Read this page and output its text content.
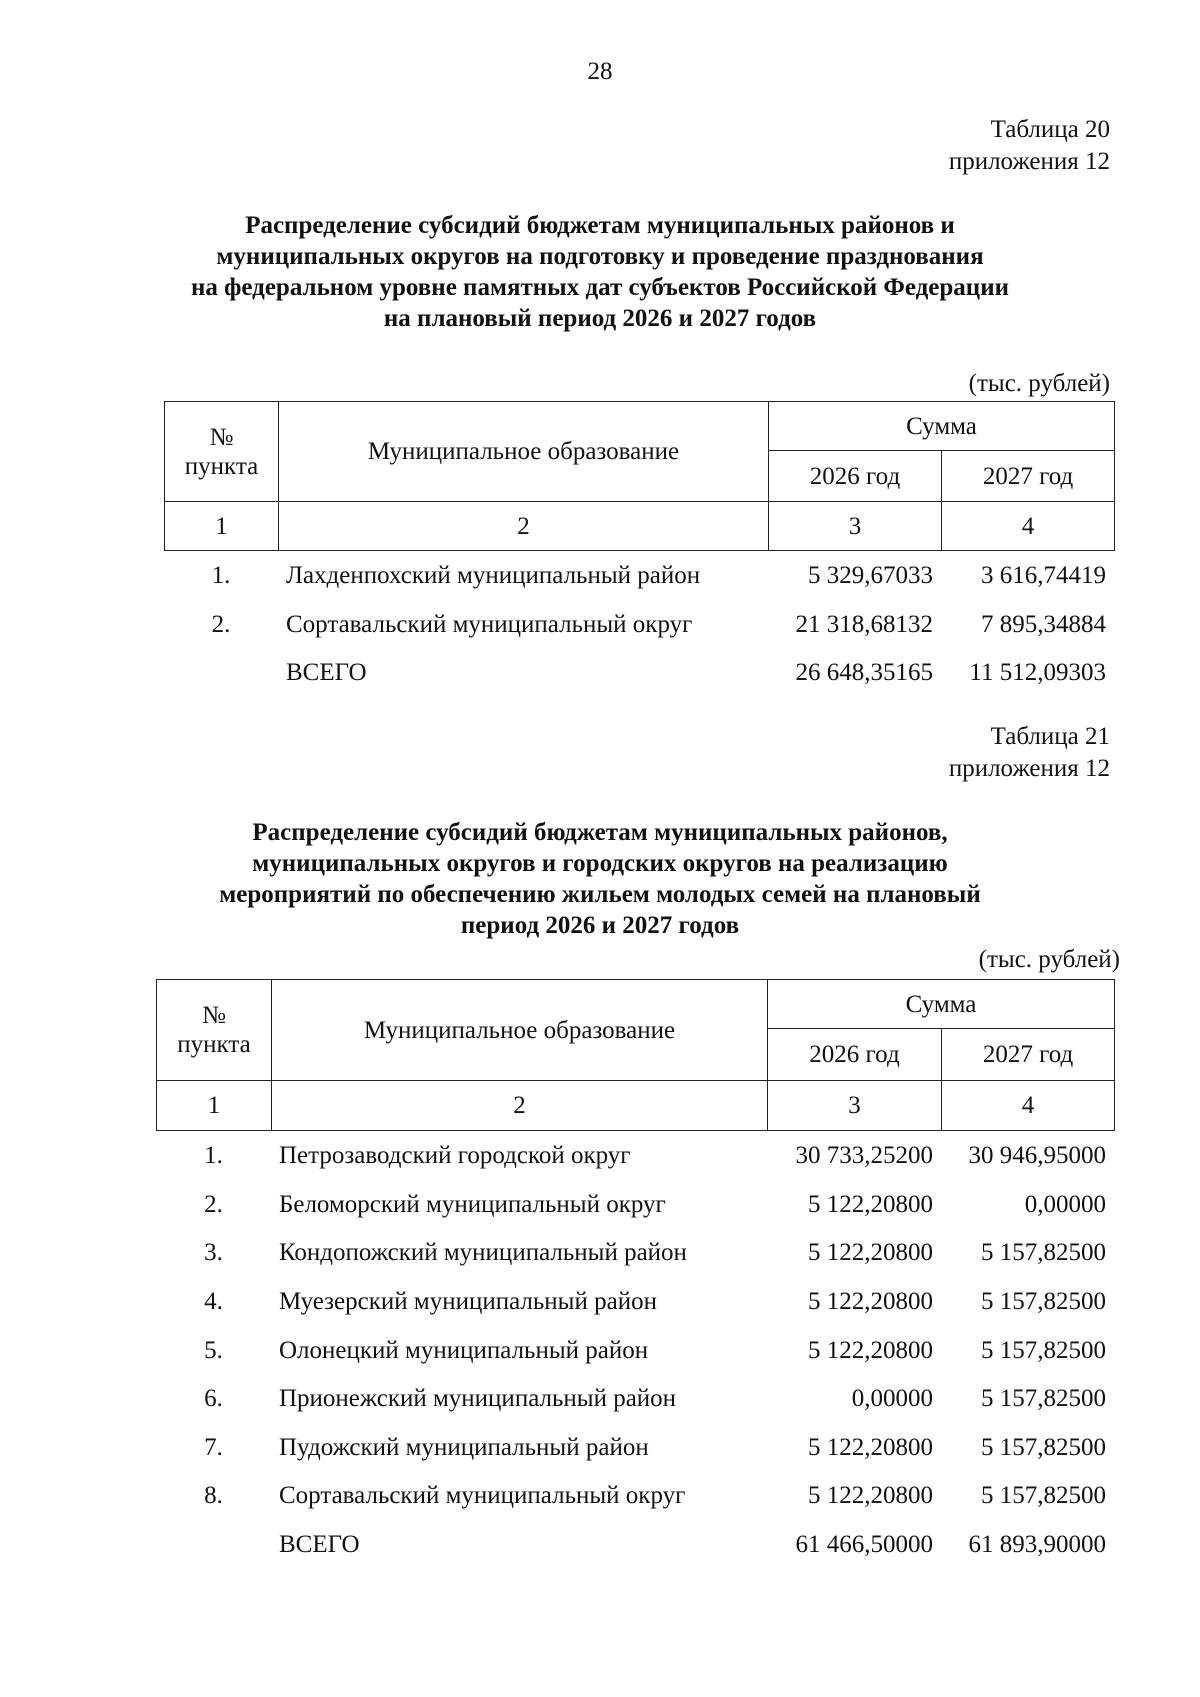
28
Таблица 20
приложения 12
Распределение субсидий бюджетам муниципальных районов и
муниципальных округов на подготовку и проведение празднования
на федеральном уровне памятных дат субъектов Российской Федерации
на плановый период 2026 и 2027 годов
(тыс. рублей)
№ пункта	Муниципальное образование	Сумма	
		2026 год	2027 год
1	2	3	4
1.	Лахденпохский муниципальный район	5 329,67033	3 616,74419
2.	Сортавальский муниципальный округ	21 318,68132	7 895,34884
	ВСЕГО	26 648,35165	11 512,09303
Таблица 21
приложения 12
Распределение субсидий бюджетам муниципальных районов,
муниципальных округов и городских округов на реализацию
мероприятий по обеспечению жильем молодых семей на плановый
период 2026 и 2027 годов
(тыс. рублей)
№ пункта	Муниципальное образование	Сумма	
		2026 год	2027 год
1	2	3	4
1.	Петрозаводский городской округ	30 733,25200	30 946,95000
2.	Беломорский муниципальный округ	5 122,20800	0,00000
3.	Кондопожский муниципальный район	5 122,20800	5 157,82500
4.	Муезерский муниципальный район	5 122,20800	5 157,82500
5.	Олонецкий муниципальный район	5 122,20800	5 157,82500
6.	Прионежский муниципальный район	0,00000	5 157,82500
7.	Пудожский муниципальный район	5 122,20800	5 157,82500
8.	Сортавальский муниципальный округ	5 122,20800	5 157,82500
	ВСЕГО	61 466,50000	61 893,90000
